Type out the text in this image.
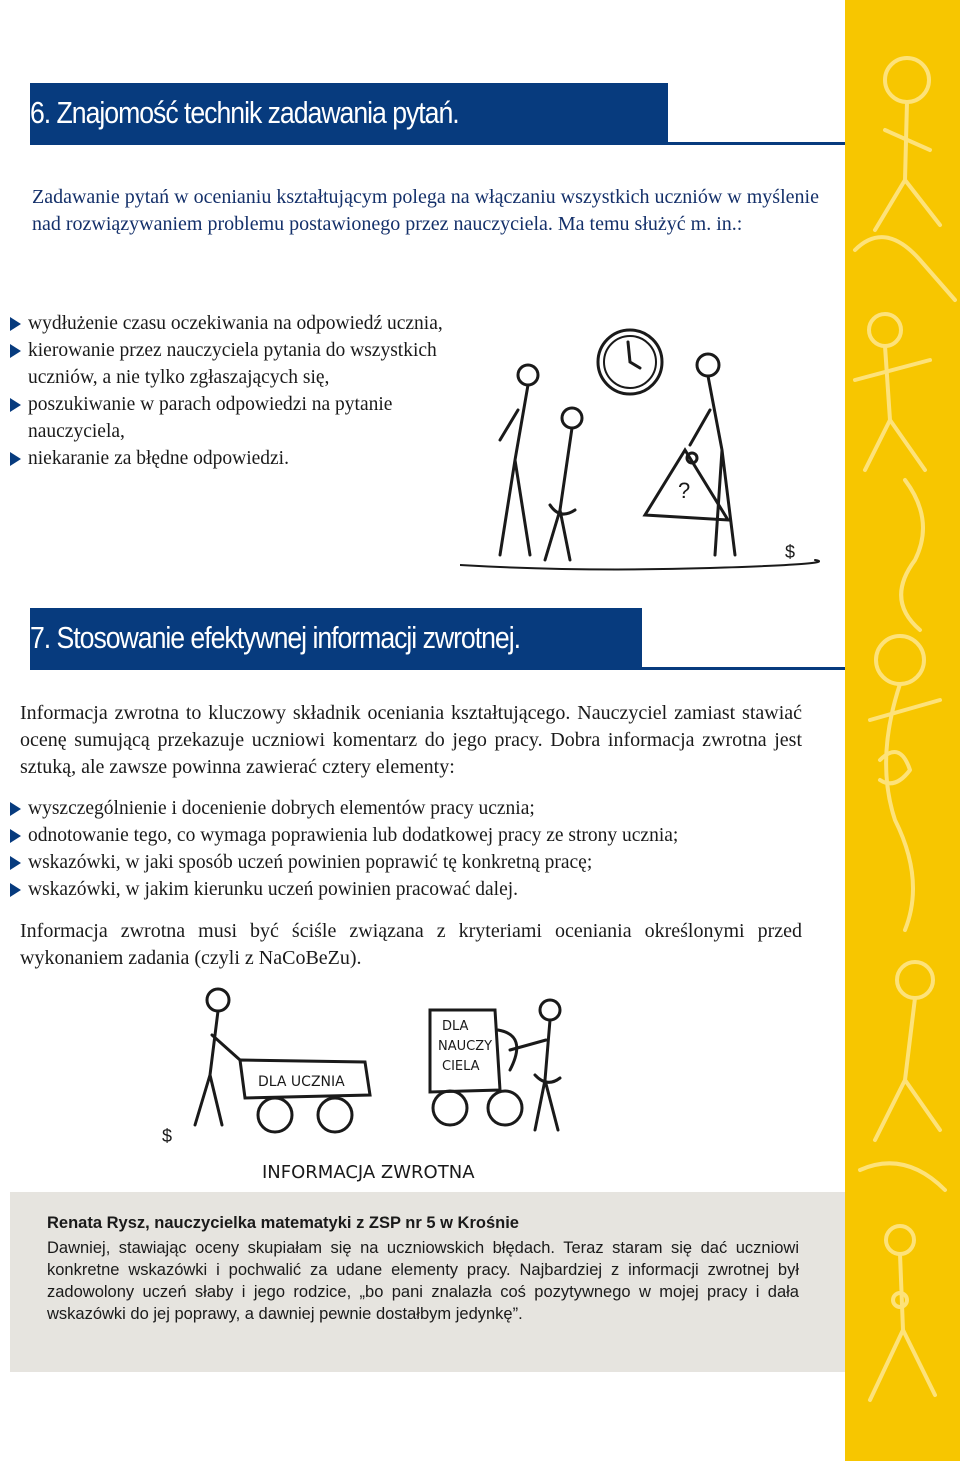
6. Znajomość technik zadawania pytań.
Zadawanie pytań w ocenianiu kształtującym polega na włączaniu wszystkich uczniów w myślenie nad rozwiązywaniem problemu postawionego przez nauczyciela. Ma temu służyć m. in.:
wydłużenie czasu oczekiwania na odpowiedź ucznia,
kierowanie przez nauczyciela pytania do wszystkich uczniów, a nie tylko zgłaszających się,
poszukiwanie w parach odpowiedzi na pytanie nauczyciela,
niekaranie za błędne odpowiedzi.
?
$
7. Stosowanie efektywnej informacji zwrotnej.
Informacja zwrotna to kluczowy składnik oceniania kształtującego. Nauczyciel zamiast stawiać ocenę sumującą przekazuje uczniowi komentarz do jego pracy. Dobra informacja zwrotna jest sztuką, ale zawsze powinna zawierać cztery elementy:
wyszczególnienie i docenienie dobrych elementów pracy ucznia;
odnotowanie tego, co wymaga poprawienia lub dodatkowej pracy ze strony ucznia;
wskazówki, w jaki sposób uczeń powinien poprawić tę konkretną pracę;
wskazówki, w jakim kierunku uczeń powinien pracować dalej.
Informacja zwrotna musi być ściśle związana z kryteriami oceniania określonymi przed wykonaniem zadania (czyli z NaCoBeZu).
DLA UCZNIA
DLA
NAUCZY
CIELA
$
INFORMACJA ZWROTNA
Renata Rysz, nauczycielka matematyki z ZSP nr 5 w Krośnie
Dawniej, stawiając oceny skupiałam się na uczniowskich błędach. Teraz staram się dać uczniowi konkretne wskazówki i pochwalić za udane elementy pracy. Najbardziej z informacji zwrotnej był zadowolony uczeń słaby i jego rodzice, „bo pani znalazła coś pozytywnego w mojej pracy i dała wskazówki do jej poprawy, a dawniej pewnie dostałbym jedynkę”.
